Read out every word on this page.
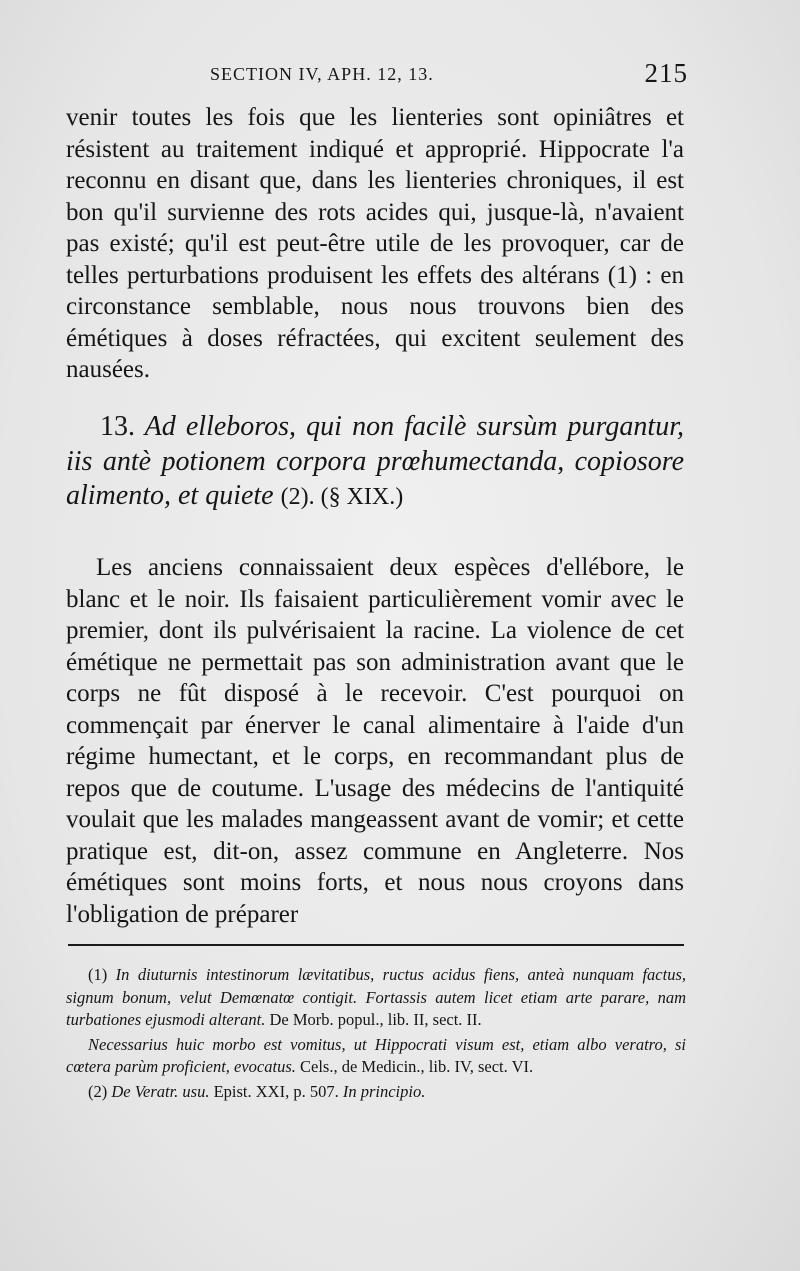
SECTION IV, APH. 12, 13.	215

venir toutes les fois que les lienteries sont opiniâtres et résistent au traitement indiqué et approprié. Hippocrate l'a reconnu en disant que, dans les lienteries chroniques, il est bon qu'il survienne des rots acides qui, jusque-là, n'avaient pas existé; qu'il est peut-être utile de les provoquer, car de telles perturbations produisent les effets des altérans (1) : en circonstance semblable, nous nous trouvons bien des émétiques à doses réfractées, qui excitent seulement des nausées.

13. Ad elleboros, qui non facilè sursùm purgantur, iis antè potionem corpora prœhumectanda, copiosore alimento, et quiete (2). (§ XIX.)

Les anciens connaissaient deux espèces d'ellébore, le blanc et le noir. Ils faisaient particulièrement vomir avec le premier, dont ils pulvérisaient la racine. La violence de cet émétique ne permettait pas son administration avant que le corps ne fût disposé à le recevoir. C'est pourquoi on commençait par énerver le canal alimentaire à l'aide d'un régime humectant, et le corps, en recommandant plus de repos que de coutume. L'usage des médecins de l'antiquité voulait que les malades mangeassent avant de vomir; et cette pratique est, dit-on, assez commune en Angleterre. Nos émétiques sont moins forts, et nous nous croyons dans l'obligation de préparer

(1) In diuturnis intestinorum lævitatibus, ructus acidus fiens, anteà nunquam factus, signum bonum, velut Demœnatœ contigit. Fortassis autem licet etiam arte parare, nam turbationes ejusmodi alterant. De Morb. popul., lib. II, sect. II.

Necessarius huic morbo est vomitus, ut Hippocrati visum est, etiam albo veratro, si cœtera parùm proficient, evocatus. Cels., de Medicin., lib. IV, sect. VI.

(2) De Veratr. usu. Epist. XXI, p. 507. In principio.
